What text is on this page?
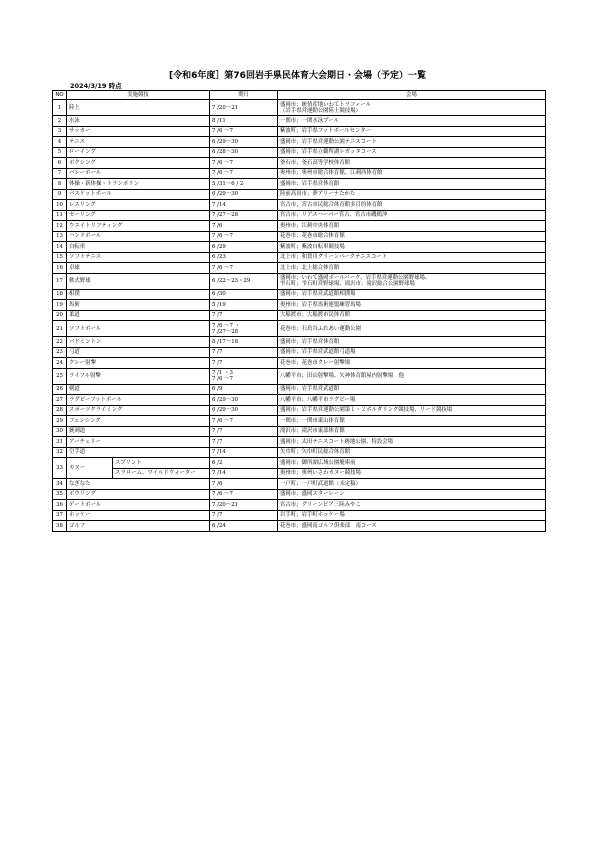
[令和6年度］第76回岩手県民体育大会期日・会場（予定）一覧
2024/3/19 時点
NO	実施競技		期日	会場
1	陸上		7 /20～21	盛岡市；統情産地いわてトラフィール
（岩手県営運動公園陸上競技場）

2	水泳		8 /11	一関市；一関水泳プール

3	サッカー		7 /6 ～7	紫波町；岩手県フットボールセンター

4	テニス		6 /29～30	盛岡市；岩手県営運動公園テニスコート

5	ローイング		6 /28～30	盛岡市；岩手県立御所湖レガッタコース

6	ボクシング		7 /6 ～7	釜石市；釜石高等学校体育館

7	バレーボール		7 /6 ～7	奥州市；奥州市総合体育館、江刺西体育館

8	体操・新体操・トランポリン		5 /31～6 / 2	盛岡市；岩手県営体育館

9	バスケットボール		6 /29～30	陸前高田市；夢アリーナたかた

10	レスリング		7 /14	宮古市；宮古市民総合体育館多目的体育館

11	セーリング		7 /27～28	宮古市；リアスハーバー宮古、宮古市磯鶏沖

12	ウエイトリフティング		7 /6	奥州市；江刺中央体育館

13	ハンドボール		7 /6 ～7	花巻市；花巻市総合体育館

14	自転車		6 /29	紫波町；紫波自転車競技場

15	ソフトテニス		6 /23	北上市；和賀川グリーンパークテニスコート

16	卓球		7 /6 ～7	北上市；北上総合体育館

17	軟式野球		6 /22～23・29	盛岡市；いわて盛岡ボールパーク、岩手県営運動公園野球場、
雫石町；雫石町営野球場、滝沢市；滝沢総合公園野球場

18	相撲		6 /30	盛岡市；岩手県営武道館相撲場

19	馬術		5 /19	奥州市；岩手県馬術連盟練習馬場

20	柔道		7 /7	大船渡市；大船渡市民体育館

21	ソフトボール		7 /6 ～7 ・
7 /27～28	花巻市；石鳥谷ふれあい運動公園

22	バドミントン		8 /17～18	盛岡市；岩手県営体育館

23	弓道		7 /7	盛岡市；岩手県営武道館弓道場

24	クレー射撃		7 /7	花巻市；花巻市クレー射撃場

25	ライフル射撃		7 /1 ・3
7 /6 ～7	八幡平市；田山射撃場、矢神体育館屋内射撃場　他

26	剣道		6 /9	盛岡市；岩手県営武道館

27	ラグビーフットボール		6 /29～30	八幡平市；八幡平市ラグビー場

28	スポーツクライミング		6 /29～30	盛岡市；岩手県営運動公園第１・２ボルダリング競技場、リード競技場

29	フェンシング		7 /6 ～7	一関市；一関市東山体育館

30	銃剣道		7 /7	滝沢市；滝沢市東部体育館

31	アーチェリー		7 /7	盛岡市；太田テニスコート跡地公園、特設会場

32	空手道		7 /14	矢巾町；矢巾町民総合体育館

33	カヌー	スプリント	6 /2	盛岡市；御所湖広域公園艇庫前
		スラローム、ワイルドウォーター	7 /14	奥州市；奥州いさわカヌー競技場
34	なぎなた		7 /6	一戸町；一戸町武道館（未定稿）

35	ボウリング		7 /6 ～7	盛岡市；盛岡スターレーン

36	ゲートボール		7 /20～21	宮古市；グリーンピア三陸みやこ

37	ホッケー		7 /7	岩手町；岩手町ホッケー場

38	ゴルフ		6 /24	花巻市；盛岡南ゴルフ倶楽部　南コース
